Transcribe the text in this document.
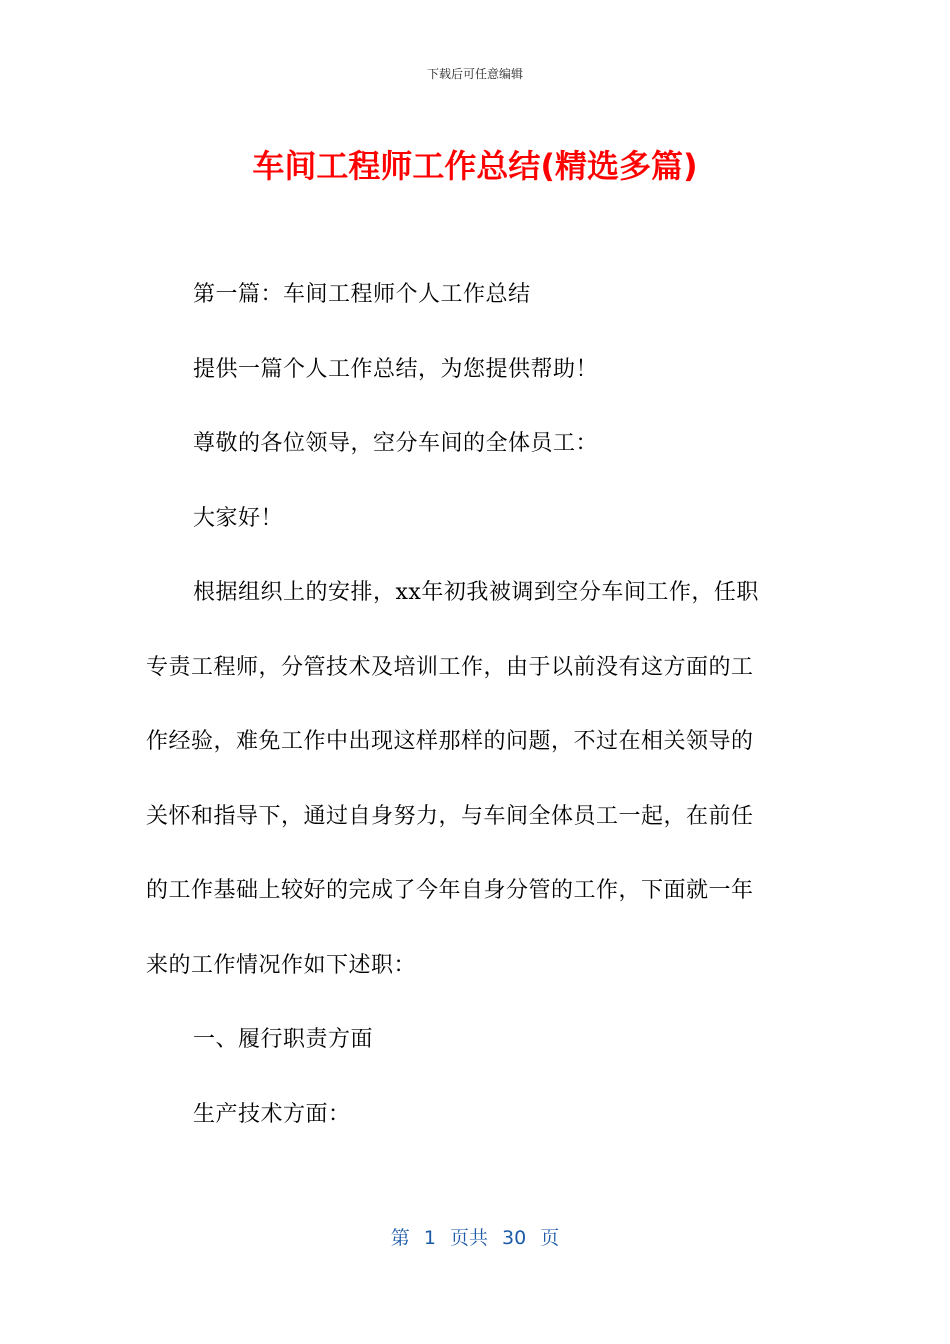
下载后可任意编辑
车间工程师工作总结(精选多篇)

第一篇：车间工程师个人工作总结

提供一篇个人工作总结，为您提供帮助！

尊敬的各位领导，空分车间的全体员工：

大家好！

根据组织上的安排，xx年初我被调到空分车间工作，任职

专责工程师，分管技术及培训工作，由于以前没有这方面的工

作经验，难免工作中出现这样那样的问题，不过在相关领导的

关怀和指导下，通过自身努力，与车间全体员工一起，在前任

的工作基础上较好的完成了今年自身分管的工作，下面就一年

来的工作情况作如下述职：

一、履行职责方面

生产技术方面：

第 1 页共 30 页
